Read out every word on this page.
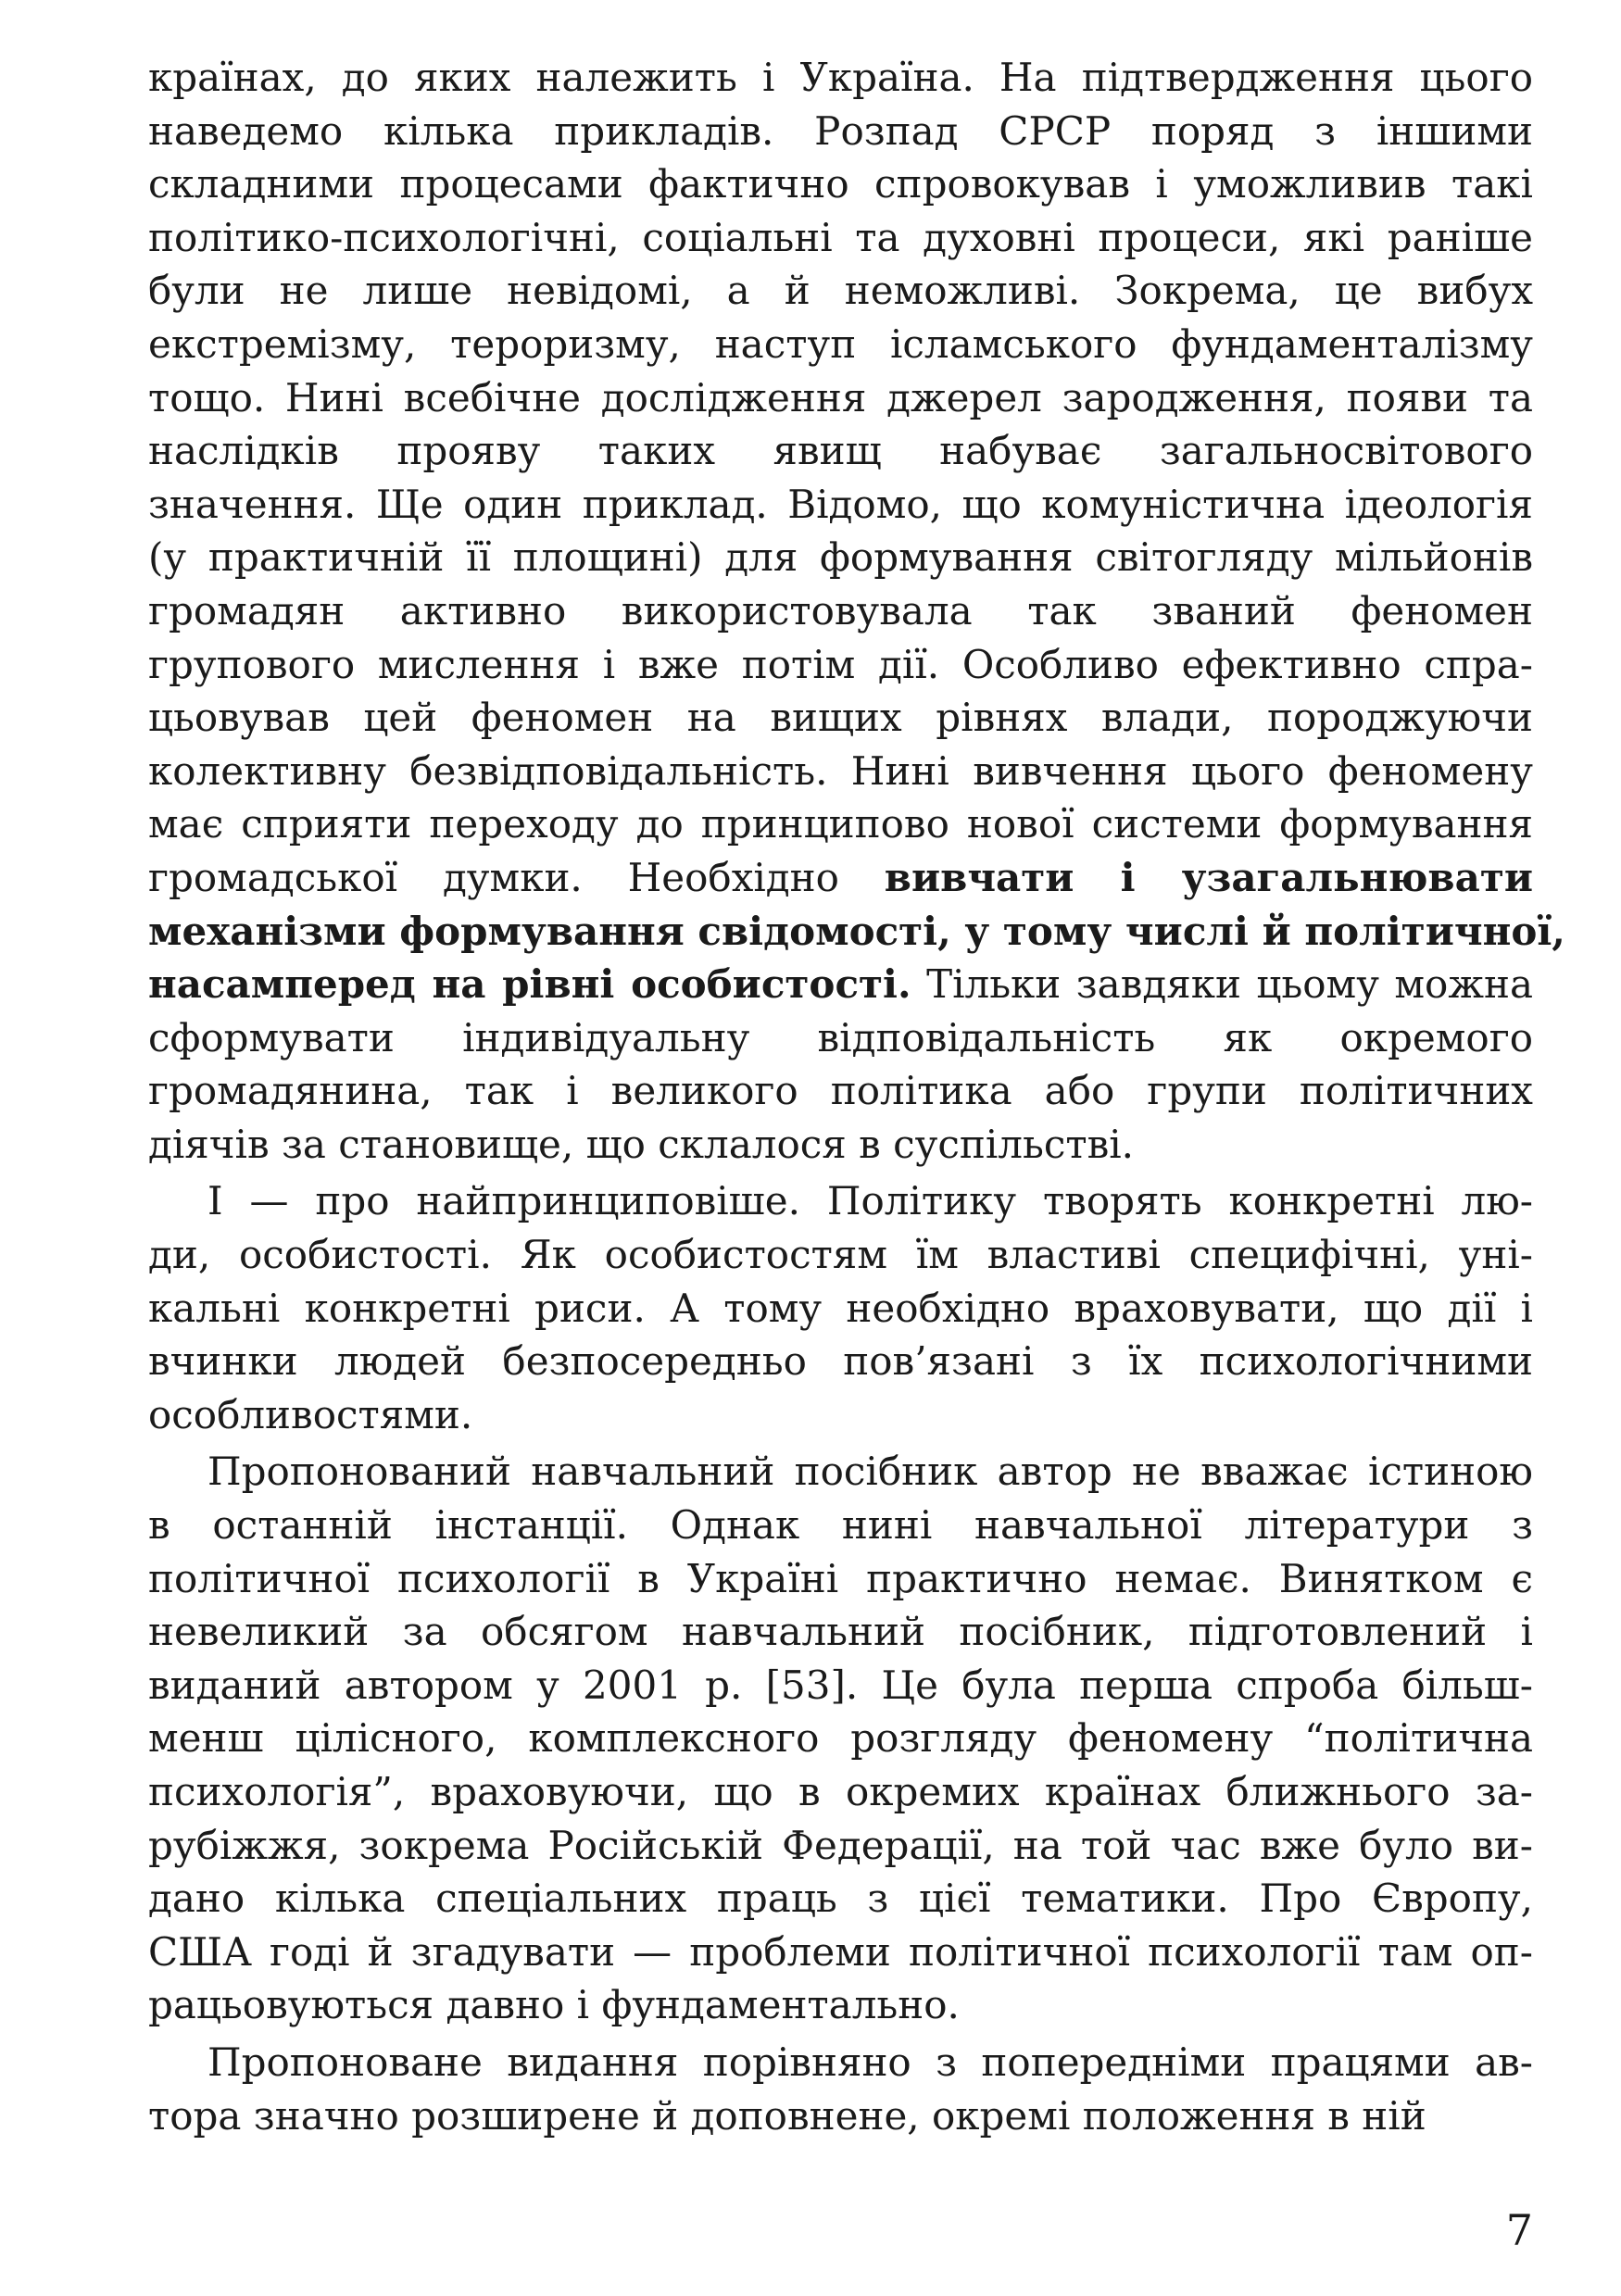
країнах, до яких належить і Україна. На підтвердження цього
наведемо кілька прикладів. Розпад СРСР поряд з іншими
складними процесами фактично спровокував і уможливив такі
політико-психологічні, соціальні та духовні процеси, які раніше
були не лише невідомі, а й неможливі. Зокрема, це вибух
екстремізму, тероризму, наступ ісламського фундаменталізму
тощо. Нині всебічне дослідження джерел зародження, появи та
наслідків прояву таких явищ набуває загальносвітового
значення. Ще один приклад. Відомо, що комуністична ідеологія
(у практичній її площині) для формування світогляду мільйонів
громадян активно використовувала так званий феномен
групового мислення і вже потім дії. Особливо ефективно спра-
цьовував цей феномен на вищих рівнях влади, породжуючи
колективну безвідповідальність. Нині вивчення цього феномену
має сприяти переходу до принципово нової системи формування
громадської думки. Необхідно вивчати і узагальнювати
механізми формування свідомості, у тому числі й політичної,
насамперед на рівні особистості. Тільки завдяки цьому можна
сформувати індивідуальну відповідальність як окремого
громадянина, так і великого політика або групи політичних
діячів за становище, що склалося в суспільстві.
І — про найпринциповіше. Політику творять конкретні лю-
ди, особистості. Як особистостям їм властиві специфічні, уні-
кальні конкретні риси. А тому необхідно враховувати, що дії і
вчинки людей безпосередньо пов’язані з їх психологічними
особливостями.
Пропонований навчальний посібник автор не вважає істиною
в останній інстанції. Однак нині навчальної літератури з
політичної психології в Україні практично немає. Винятком є
невеликий за обсягом навчальний посібник, підготовлений і
виданий автором у 2001 р. [53]. Це була перша спроба більш-
менш цілісного, комплексного розгляду феномену “політична
психологія”, враховуючи, що в окремих країнах ближнього за-
рубіжжя, зокрема Російській Федерації, на той час вже було ви-
дано кілька спеціальних праць з цієї тематики. Про Європу,
США годі й згадувати — проблеми політичної психології там оп-
рацьовуються давно і фундаментально.
Пропоноване видання порівняно з попередніми працями ав-
тора значно розширене й доповнене, окремі положення в ній
7
